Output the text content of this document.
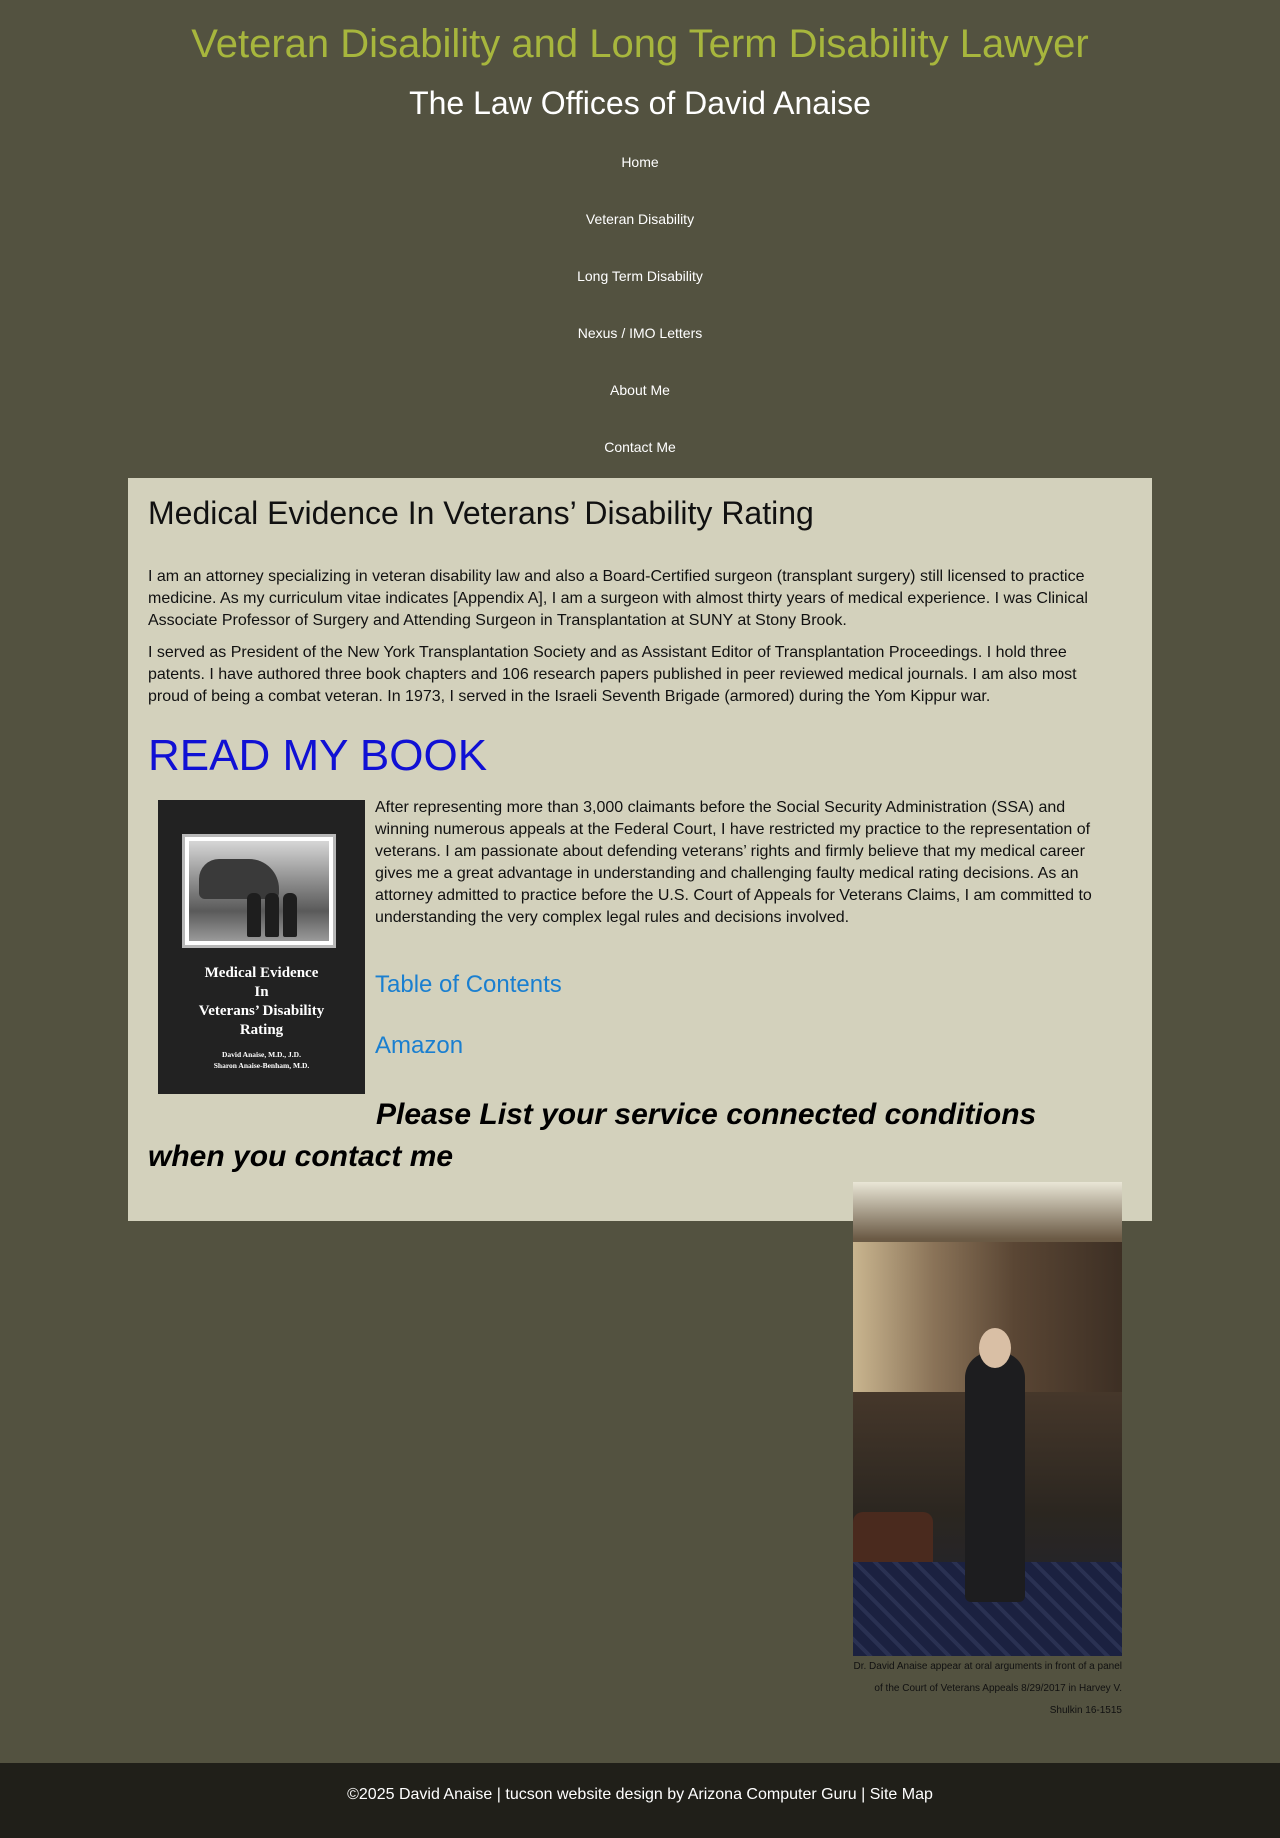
Veteran Disability and Long Term Disability Lawyer
The Law Offices of David Anaise
Home
Veteran Disability
Long Term Disability
Nexus / IMO Letters
About Me
Contact Me
Medical Evidence In Veterans’ Disability Rating

I am an attorney specializing in veteran disability law and also a Board-Certified surgeon (transplant surgery) still licensed to practice medicine. As my curriculum vitae indicates [Appendix A], I am a surgeon with almost thirty years of medical experience. I was Clinical Associate Professor of Surgery and Attending Surgeon in Transplantation at SUNY at Stony Brook.

I served as President of the New York Transplantation Society and as Assistant Editor of Transplantation Proceedings. I hold three patents. I have authored three book chapters and 106 research papers published in peer reviewed medical journals. I am also most proud of being a combat veteran. In 1973, I served in the Israeli Seventh Brigade (armored) during the Yom Kippur war.

READ MY BOOK
Medical Evidence
In
Veterans’ Disability
Rating
David Anaise, M.D., J.D.
Sharon Anaise-Benham, M.D.

After representing more than 3,000 claimants before the Social Security Administration (SSA) and winning numerous appeals at the Federal Court, I have restricted my practice to the representation of veterans. I am passionate about defending veterans’ rights and firmly believe that my medical career gives me a great advantage in understanding and challenging faulty medical rating decisions. As an attorney admitted to practice before the U.S. Court of Appeals for Veterans Claims, I am committed to understanding the very complex legal rules and decisions involved.

Table of Contents
Amazon

Please List your service connected conditions when you contact me

Dr. David Anaise appear at oral arguments in front of a panel of the Court of Veterans Appeals 8/29/2017 in Harvey V. Shulkin 16-1515

©2025 David Anaise | tucson website design by Arizona Computer Guru | Site Map
